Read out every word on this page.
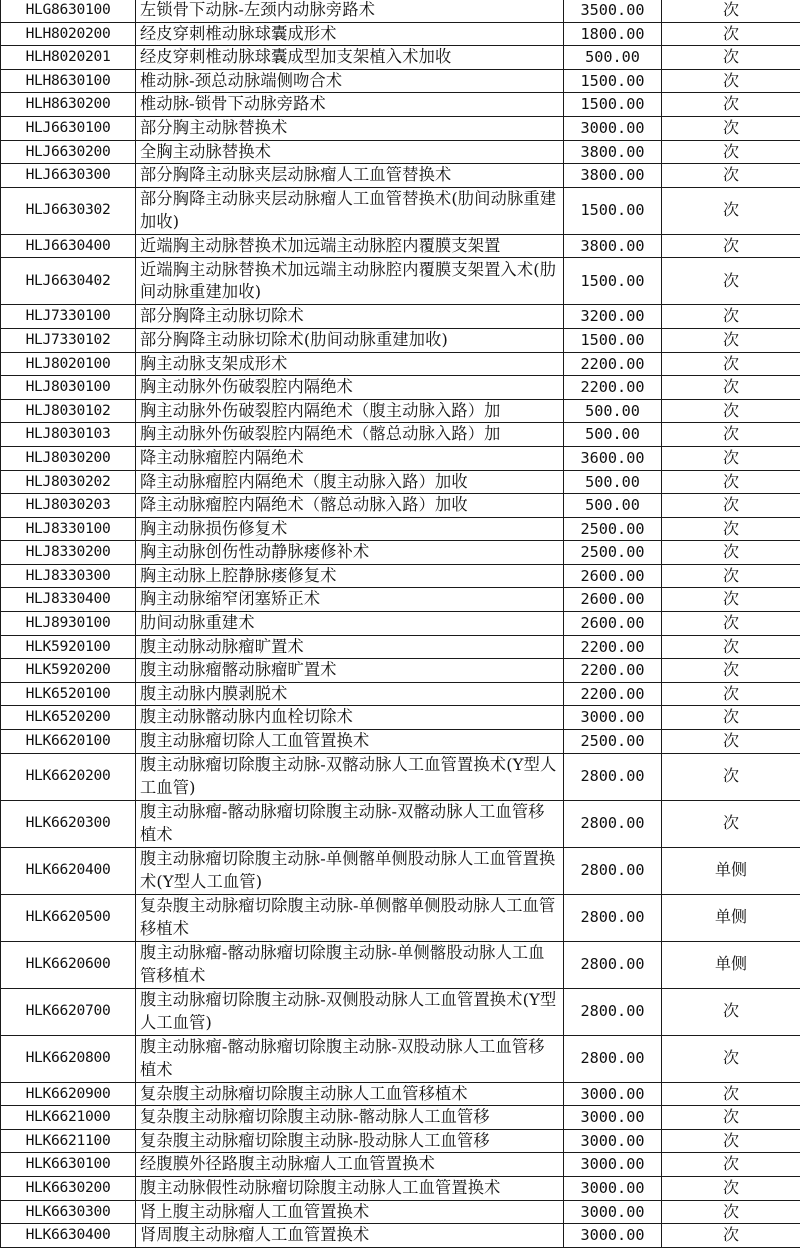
HLG8630100	左锁骨下动脉-左颈内动脉旁路术	3500.00	次
HLH8020200	经皮穿刺椎动脉球囊成形术	1800.00	次
HLH8020201	经皮穿刺椎动脉球囊成型加支架植入术加收	500.00	次
HLH8630100	椎动脉-颈总动脉端侧吻合术	1500.00	次
HLH8630200	椎动脉-锁骨下动脉旁路术	1500.00	次
HLJ6630100	部分胸主动脉替换术	3000.00	次
HLJ6630200	全胸主动脉替换术	3800.00	次
HLJ6630300	部分胸降主动脉夹层动脉瘤人工血管替换术	3800.00	次
HLJ6630302	部分胸降主动脉夹层动脉瘤人工血管替换术(肋间动脉重建加收)	1500.00	次
HLJ6630400	近端胸主动脉替换术加远端主动脉腔内覆膜支架置	3800.00	次
HLJ6630402	近端胸主动脉替换术加远端主动脉腔内覆膜支架置入术(肋间动脉重建加收)	1500.00	次
HLJ7330100	部分胸降主动脉切除术	3200.00	次
HLJ7330102	部分胸降主动脉切除术(肋间动脉重建加收)	1500.00	次
HLJ8020100	胸主动脉支架成形术	2200.00	次
HLJ8030100	胸主动脉外伤破裂腔内隔绝术	2200.00	次
HLJ8030102	胸主动脉外伤破裂腔内隔绝术（腹主动脉入路）加	500.00	次
HLJ8030103	胸主动脉外伤破裂腔内隔绝术（髂总动脉入路）加	500.00	次
HLJ8030200	降主动脉瘤腔内隔绝术	3600.00	次
HLJ8030202	降主动脉瘤腔内隔绝术（腹主动脉入路）加收	500.00	次
HLJ8030203	降主动脉瘤腔内隔绝术（髂总动脉入路）加收	500.00	次
HLJ8330100	胸主动脉损伤修复术	2500.00	次
HLJ8330200	胸主动脉创伤性动静脉瘘修补术	2500.00	次
HLJ8330300	胸主动脉上腔静脉瘘修复术	2600.00	次
HLJ8330400	胸主动脉缩窄闭塞矫正术	2600.00	次
HLJ8930100	肋间动脉重建术	2600.00	次
HLK5920100	腹主动脉动脉瘤旷置术	2200.00	次
HLK5920200	腹主动脉瘤髂动脉瘤旷置术	2200.00	次
HLK6520100	腹主动脉内膜剥脱术	2200.00	次
HLK6520200	腹主动脉髂动脉内血栓切除术	3000.00	次
HLK6620100	腹主动脉瘤切除人工血管置换术	2500.00	次
HLK6620200	腹主动脉瘤切除腹主动脉-双髂动脉人工血管置换术(Y型人工血管)	2800.00	次
HLK6620300	腹主动脉瘤-髂动脉瘤切除腹主动脉-双髂动脉人工血管移植术	2800.00	次
HLK6620400	腹主动脉瘤切除腹主动脉-单侧髂单侧股动脉人工血管置换术(Y型人工血管)	2800.00	单侧
HLK6620500	复杂腹主动脉瘤切除腹主动脉-单侧髂单侧股动脉人工血管移植术	2800.00	单侧
HLK6620600	腹主动脉瘤-髂动脉瘤切除腹主动脉-单侧髂股动脉人工血管移植术	2800.00	单侧
HLK6620700	腹主动脉瘤切除腹主动脉-双侧股动脉人工血管置换术(Y型人工血管)	2800.00	次
HLK6620800	腹主动脉瘤-髂动脉瘤切除腹主动脉-双股动脉人工血管移植术	2800.00	次
HLK6620900	复杂腹主动脉瘤切除腹主动脉人工血管移植术	3000.00	次
HLK6621000	复杂腹主动脉瘤切除腹主动脉-髂动脉人工血管移	3000.00	次
HLK6621100	复杂腹主动脉瘤切除腹主动脉-股动脉人工血管移	3000.00	次
HLK6630100	经腹膜外径路腹主动脉瘤人工血管置换术	3000.00	次
HLK6630200	腹主动脉假性动脉瘤切除腹主动脉人工血管置换术	3000.00	次
HLK6630300	肾上腹主动脉瘤人工血管置换术	3000.00	次
HLK6630400	肾周腹主动脉瘤人工血管置换术	3000.00	次
